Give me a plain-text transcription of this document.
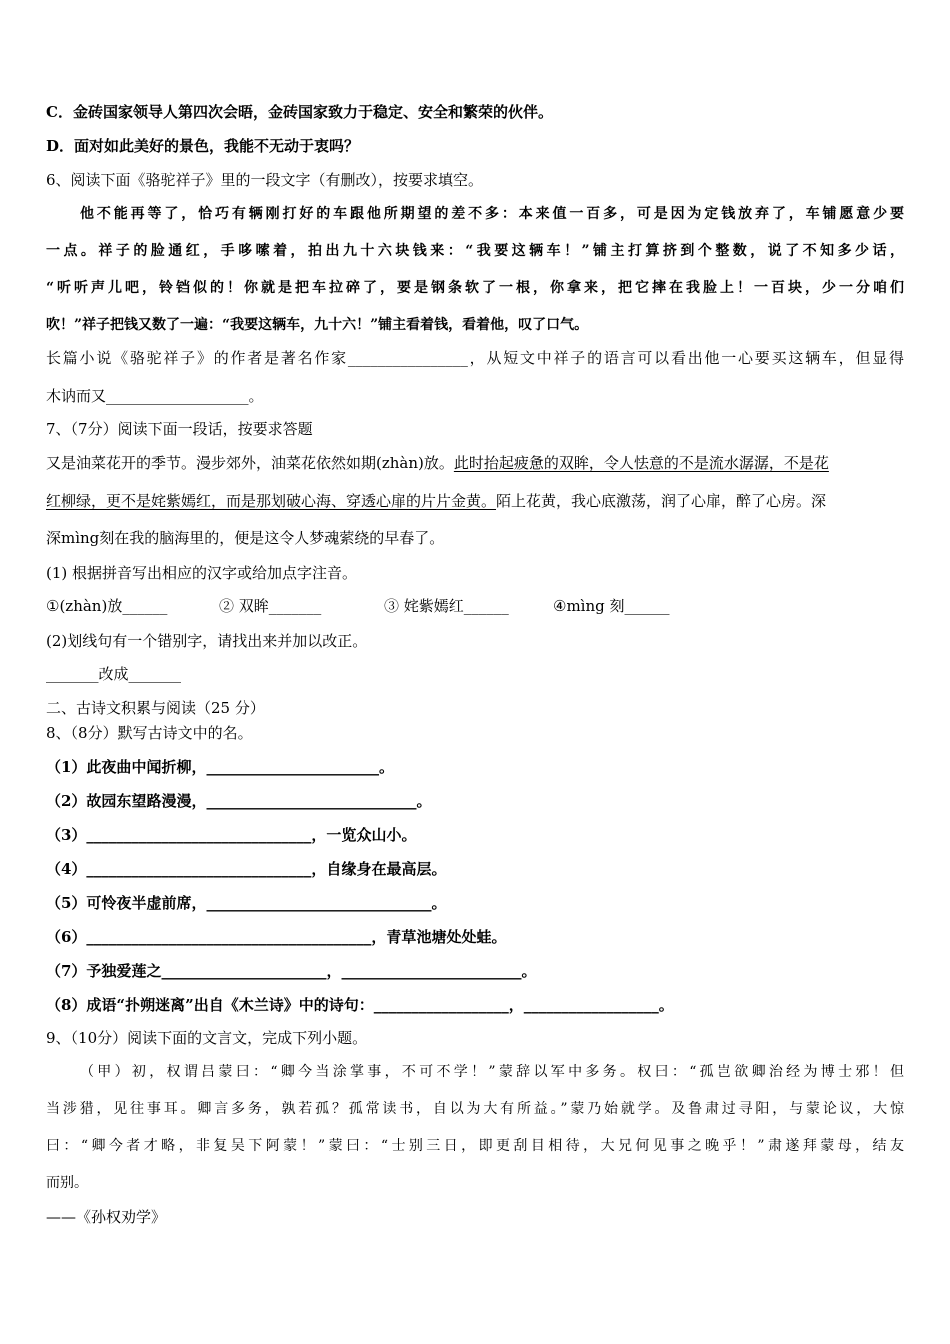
C．金砖国家领导人第四次会晤，金砖国家致力于稳定、安全和繁荣的伙伴。
D．面对如此美好的景色，我能不无动于衷吗？
6、阅读下面《骆驼祥子》里的一段文字（有删改），按要求填空。
他不能再等了，恰巧有辆刚打好的车跟他所期望的差不多：本来值一百多，可是因为定钱放弃了，车铺愿意少要
一点。祥子的脸通红，手哆嗦着，拍出九十六块钱来：“我要这辆车！”铺主打算挤到个整数，说了不知多少话，
“听听声儿吧，铃铛似的！你就是把车拉碎了，要是钢条软了一根，你拿来，把它摔在我脸上！一百块，少一分咱们
吹！”祥子把钱又数了一遍：“我要这辆车，九十六！”铺主看着钱，看着他，叹了口气。
长篇小说《骆驼祥子》的作者是著名作家________________，从短文中祥子的语言可以看出他一心要买这辆车，但显得
木讷而又___________________。
7、（7分）阅读下面一段话，按要求答题
又是油菜花开的季节。漫步郊外，油菜花依然如期(zhàn)放。此时抬起疲惫的双眸，令人怯意的不是流水潺潺，不是花
红柳绿，更不是姹紫嫣红，而是那划破心海、穿透心扉的片片金黄。陌上花黄，我心底激荡，润了心扉，醉了心房。深
深mìng刻在我的脑海里的，便是这令人梦魂萦绕的早春了。
(1) 根据拼音写出相应的汉字或给加点字注音。
①(zhàn)放______	② 双眸_______	③ 姹紫嫣红______	④mìng 刻______
(2)划线句有一个错别字，请找出来并加以改正。
_______改成_______
二、古诗文积累与阅读（25 分）
8、（8分）默写古诗文中的名。
（1）此夜曲中闻折柳，_______________________。
（2）故园东望路漫漫，____________________________。
（3）______________________________，一览众山小。
（4）______________________________，自缘身在最高层。
（5）可怜夜半虚前席，______________________________。
（6）______________________________________，青草池塘处处蛙。
（7）予独爱莲之______________________，________________________。
（8）成语“扑朔迷离”出自《木兰诗》中的诗句：__________________，__________________。
9、（10分）阅读下面的文言文，完成下列小题。
（甲）初，权谓吕蒙曰：“卿今当涂掌事，不可不学！”蒙辞以军中多务。权曰：“孤岂欲卿治经为博士邪！但
当涉猎，见往事耳。卿言多务，孰若孤？孤常读书，自以为大有所益。”蒙乃始就学。及鲁肃过寻阳，与蒙论议，大惊
曰：“卿今者才略，非复吴下阿蒙！”蒙曰：“士别三日，即更刮目相待，大兄何见事之晚乎！”肃遂拜蒙母，结友
而别。
——《孙权劝学》
